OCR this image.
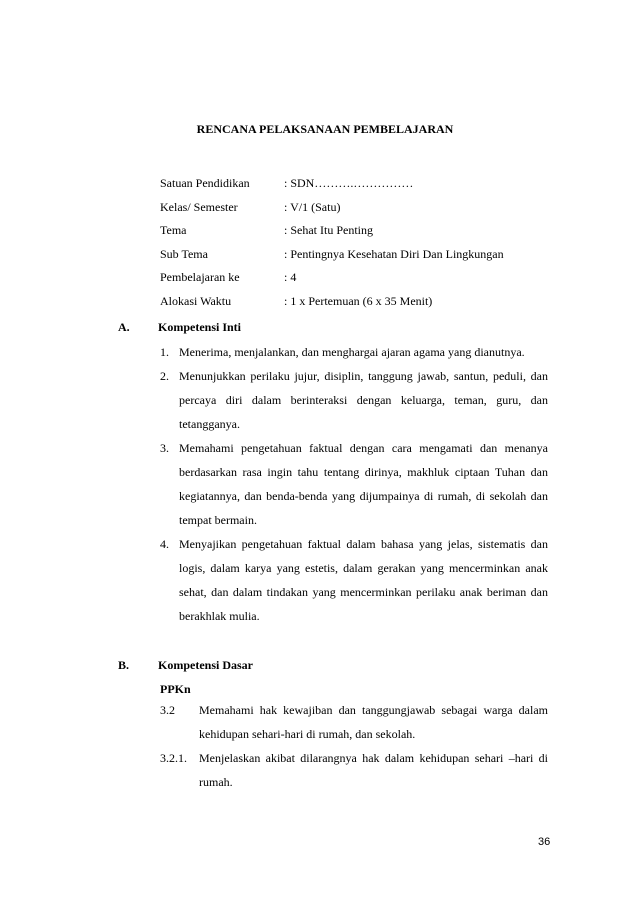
RENCANA PELAKSANAAN PEMBELAJARAN
Satuan Pendidikan	: SDN……….……………
Kelas/ Semester	: V/1 (Satu)
Tema	: Sehat Itu Penting
Sub Tema	: Pentingnya Kesehatan Diri Dan Lingkungan
Pembelajaran ke	: 4
Alokasi Waktu	: 1 x Pertemuan (6 x 35 Menit)
A. Kompetensi Inti
1. Menerima, menjalankan, dan menghargai ajaran agama yang dianutnya.
2. Menunjukkan perilaku jujur, disiplin, tanggung jawab, santun, peduli, dan percaya diri dalam berinteraksi dengan keluarga, teman, guru, dan tetangganya.
3. Memahami pengetahuan faktual dengan cara mengamati dan menanya berdasarkan rasa ingin tahu tentang dirinya, makhluk ciptaan Tuhan dan kegiatannya, dan benda-benda yang dijumpainya di rumah, di sekolah dan tempat bermain.
4. Menyajikan pengetahuan faktual dalam bahasa yang jelas, sistematis dan logis, dalam karya yang estetis, dalam gerakan yang mencerminkan anak sehat, dan dalam tindakan yang mencerminkan perilaku anak beriman dan berakhlak mulia.
B. Kompetensi Dasar
PPKn
3.2	Memahami hak kewajiban dan tanggungjawab sebagai warga dalam kehidupan sehari-hari di rumah, dan sekolah.
3.2.1.	Menjelaskan akibat dilarangnya hak dalam kehidupan sehari –hari di rumah.
36
